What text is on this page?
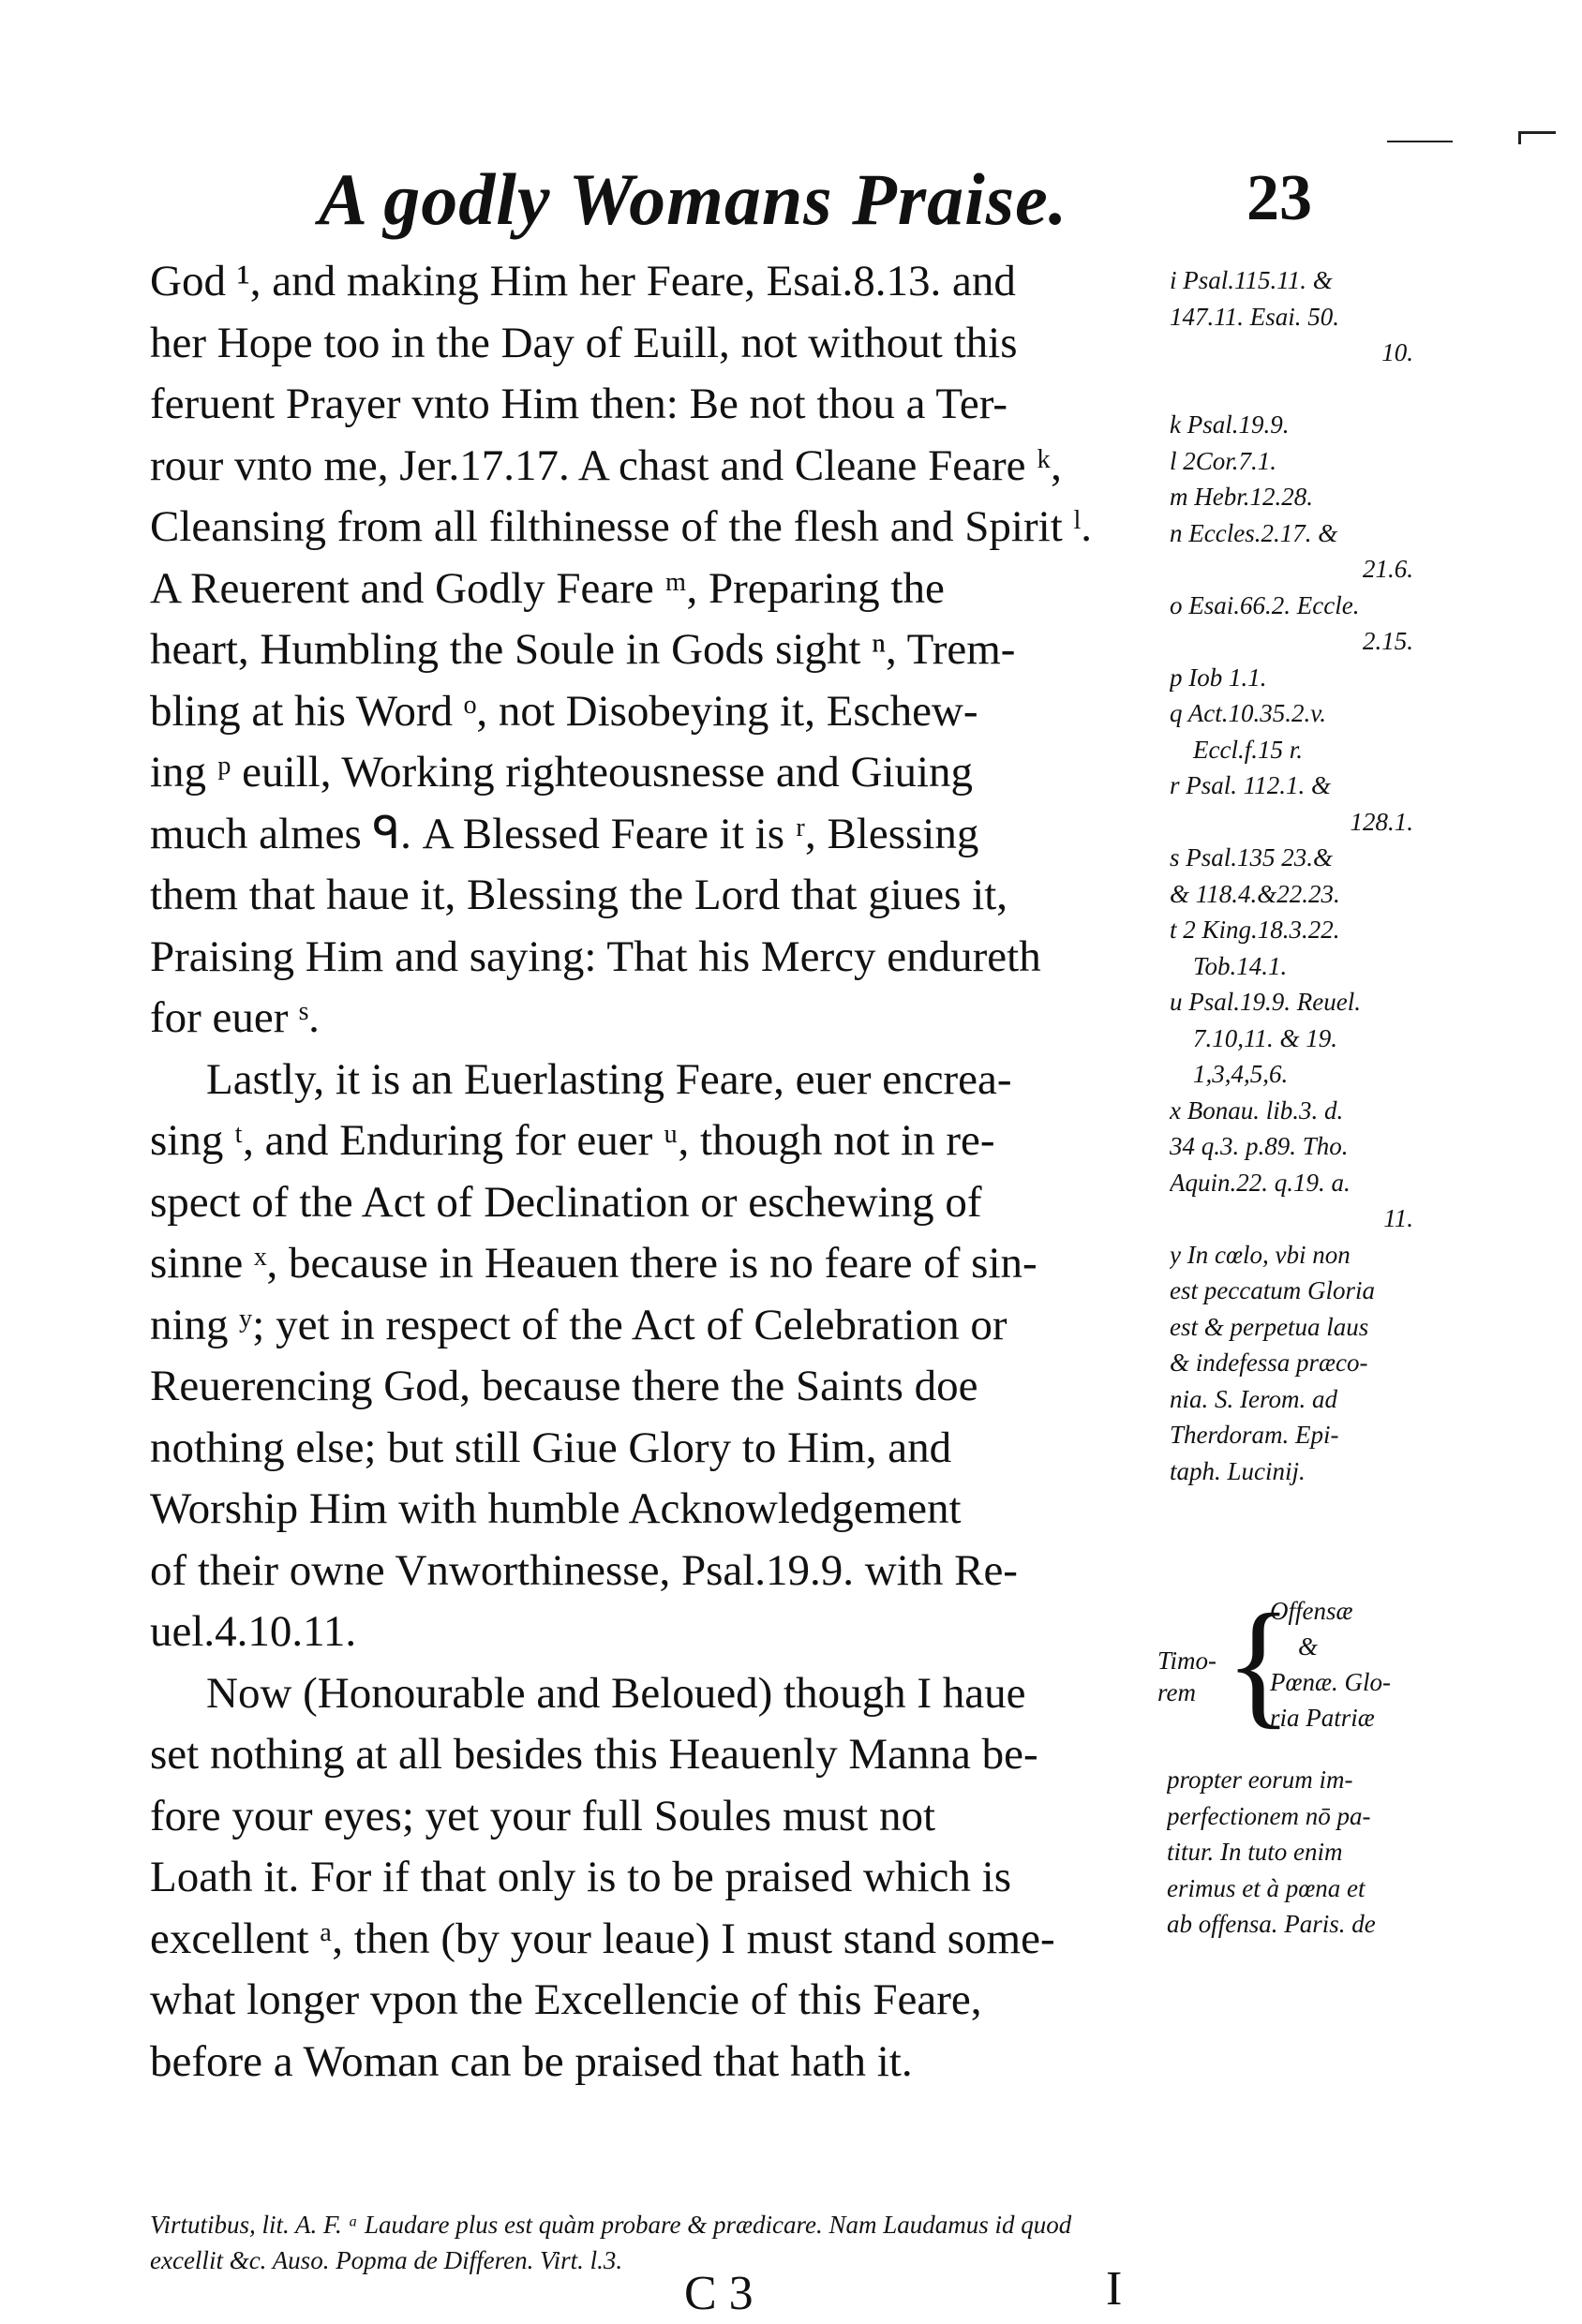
A godly Womans Praise.	23
God ¹, and making Him her Feare, Esai.8.13. and
her Hope too in the Day of Euill, not without this
feruent Prayer vnto Him then: Be not thou a Ter-
rour vnto me, Jer.17.17. A chast and Cleane Feare ᵏ,
Cleansing from all filthinesse of the flesh and Spirit ˡ.
A Reuerent and Godly Feare ᵐ, Preparing the
heart, Humbling the Soule in Gods sight ⁿ, Trem-
bling at his Word ᵒ, not Disobeying it, Eschew-
ing ᵖ euill, Working righteousnesse and Giuing
much almes ᑫ. A Blessed Feare it is ʳ, Blessing
them that haue it, Blessing the Lord that giues it,
Praising Him and saying: That his Mercy endureth
for euer ˢ.
Lastly, it is an Euerlasting Feare, euer encrea-
sing ᵗ, and Enduring for euer ᵘ, though not in re-
spect of the Act of Declination or eschewing of
sinne ˣ, because in Heauen there is no feare of sin-
ning ʸ; yet in respect of the Act of Celebration or
Reuerencing God, because there the Saints doe
nothing else; but still Giue Glory to Him, and
Worship Him with humble Acknowledgement
of their owne Vnworthinesse, Psal.19.9. with Re-
uel.4.10.11.
Now (Honourable and Beloued) though I haue
set nothing at all besides this Heauenly Manna be-
fore your eyes; yet your full Soules must not
Loath it. For if that only is to be praised which is
excellent ᵃ, then (by your leaue) I must stand some-
what longer vpon the Excellencie of this Feare,
before a Woman can be praised that hath it.
i Psal.115.11. &
147.11. Esai. 50.
10.
k Psal.19.9.
l 2Cor.7.1.
m Hebr.12.28.
n Eccles.2.17. &
21.6.
o Esai.66.2. Eccle.
2.15.
p Iob 1.1.
q Act.10.35.2.v.
Eccl.f.15 r.
r Psal. 112.1. &
128.1.
s Psal.135 23.&
& 118.4.&22.23.
t 2 King.18.3.22.
Tob.14.1.
u Psal.19.9. Reuel.
7.10,11. & 19.
1,3,4,5,6.
x Bonau. lib.3. d.
34 q.3. p.89. Tho.
Aquin.22. q.19. a.
11.
y In cœlo, vbi non
est peccatum Gloria
est & perpetua laus
& indefessa præco-
nia. S. Ierom. ad
Therdoram. Epi-
taph. Lucinij.
Timo-
rem {
Offensæ
&
Pœnæ. Glo-
ria Patriæ
propter eorum im-
perfectionem nō pa-
titur. In tuto enim
erimus et à pœna et
ab offensa. Paris. de
Virtutibus, lit. A. F. ᵃ Laudare plus est quàm probare & prædicare. Nam Laudamus id quod
excellit &c. Auso. Popma de Differen. Virt. l.3.
C 3	I
